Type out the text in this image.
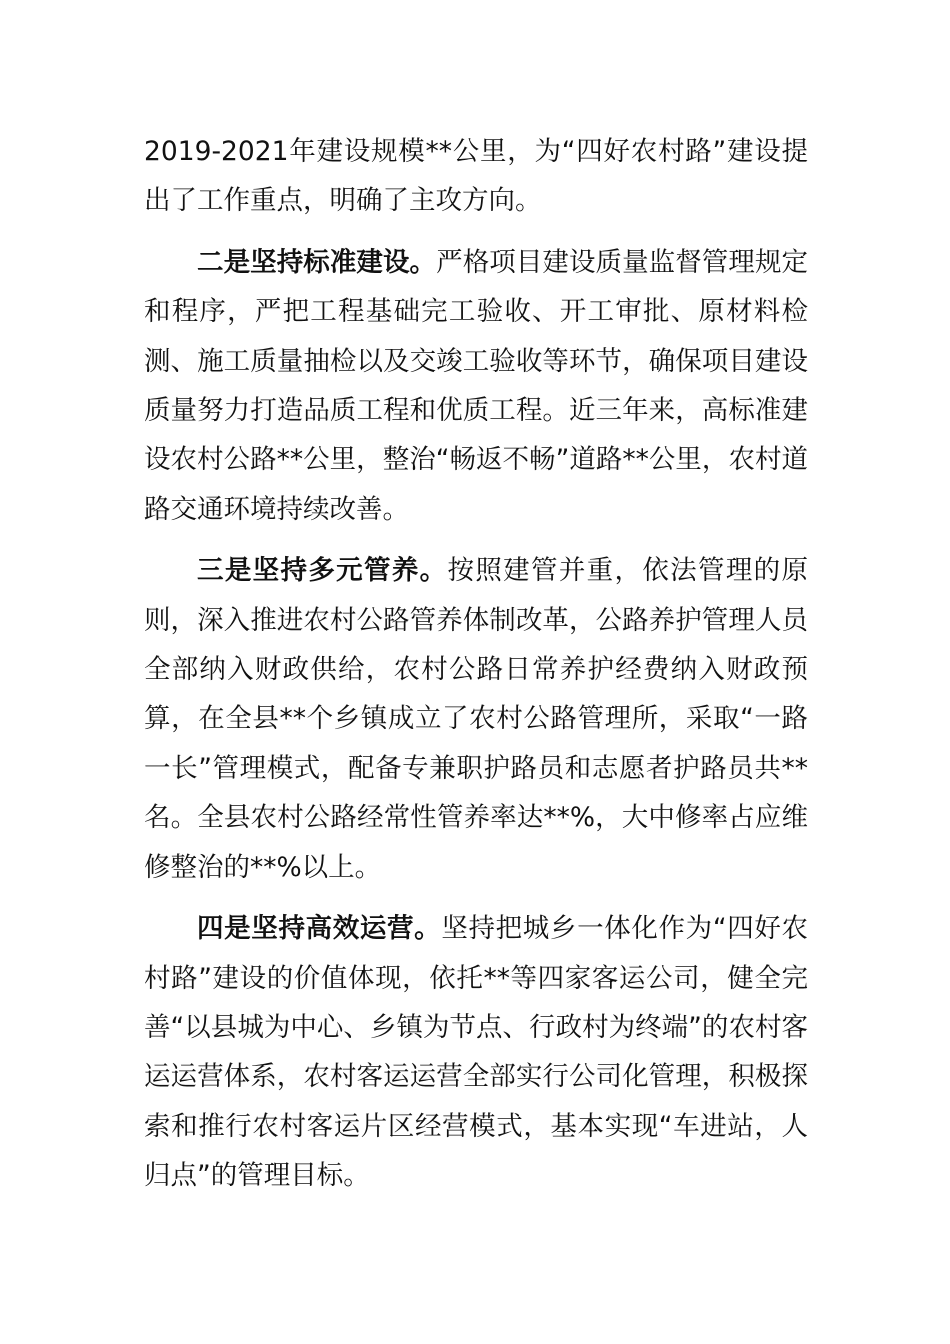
2019-2021年建设规模**公里，为“四好农村路”建设提出了工作重点，明确了主攻方向。

二是坚持标准建设。严格项目建设质量监督管理规定和程序，严把工程基础完工验收、开工审批、原材料检测、施工质量抽检以及交竣工验收等环节，确保项目建设质量努力打造品质工程和优质工程。近三年来，高标准建设农村公路**公里，整治“畅返不畅”道路**公里，农村道路交通环境持续改善。

三是坚持多元管养。按照建管并重，依法管理的原则，深入推进农村公路管养体制改革，公路养护管理人员全部纳入财政供给，农村公路日常养护经费纳入财政预算，在全县**个乡镇成立了农村公路管理所，采取“一路一长”管理模式，配备专兼职护路员和志愿者护路员共**名。全县农村公路经常性管养率达**%，大中修率占应维修整治的**%以上。

四是坚持高效运营。坚持把城乡一体化作为“四好农村路”建设的价值体现，依托**等四家客运公司，健全完善“以县城为中心、乡镇为节点、行政村为终端”的农村客运运营体系，农村客运运营全部实行公司化管理，积极探索和推行农村客运片区经营模式，基本实现“车进站，人归点”的管理目标。
